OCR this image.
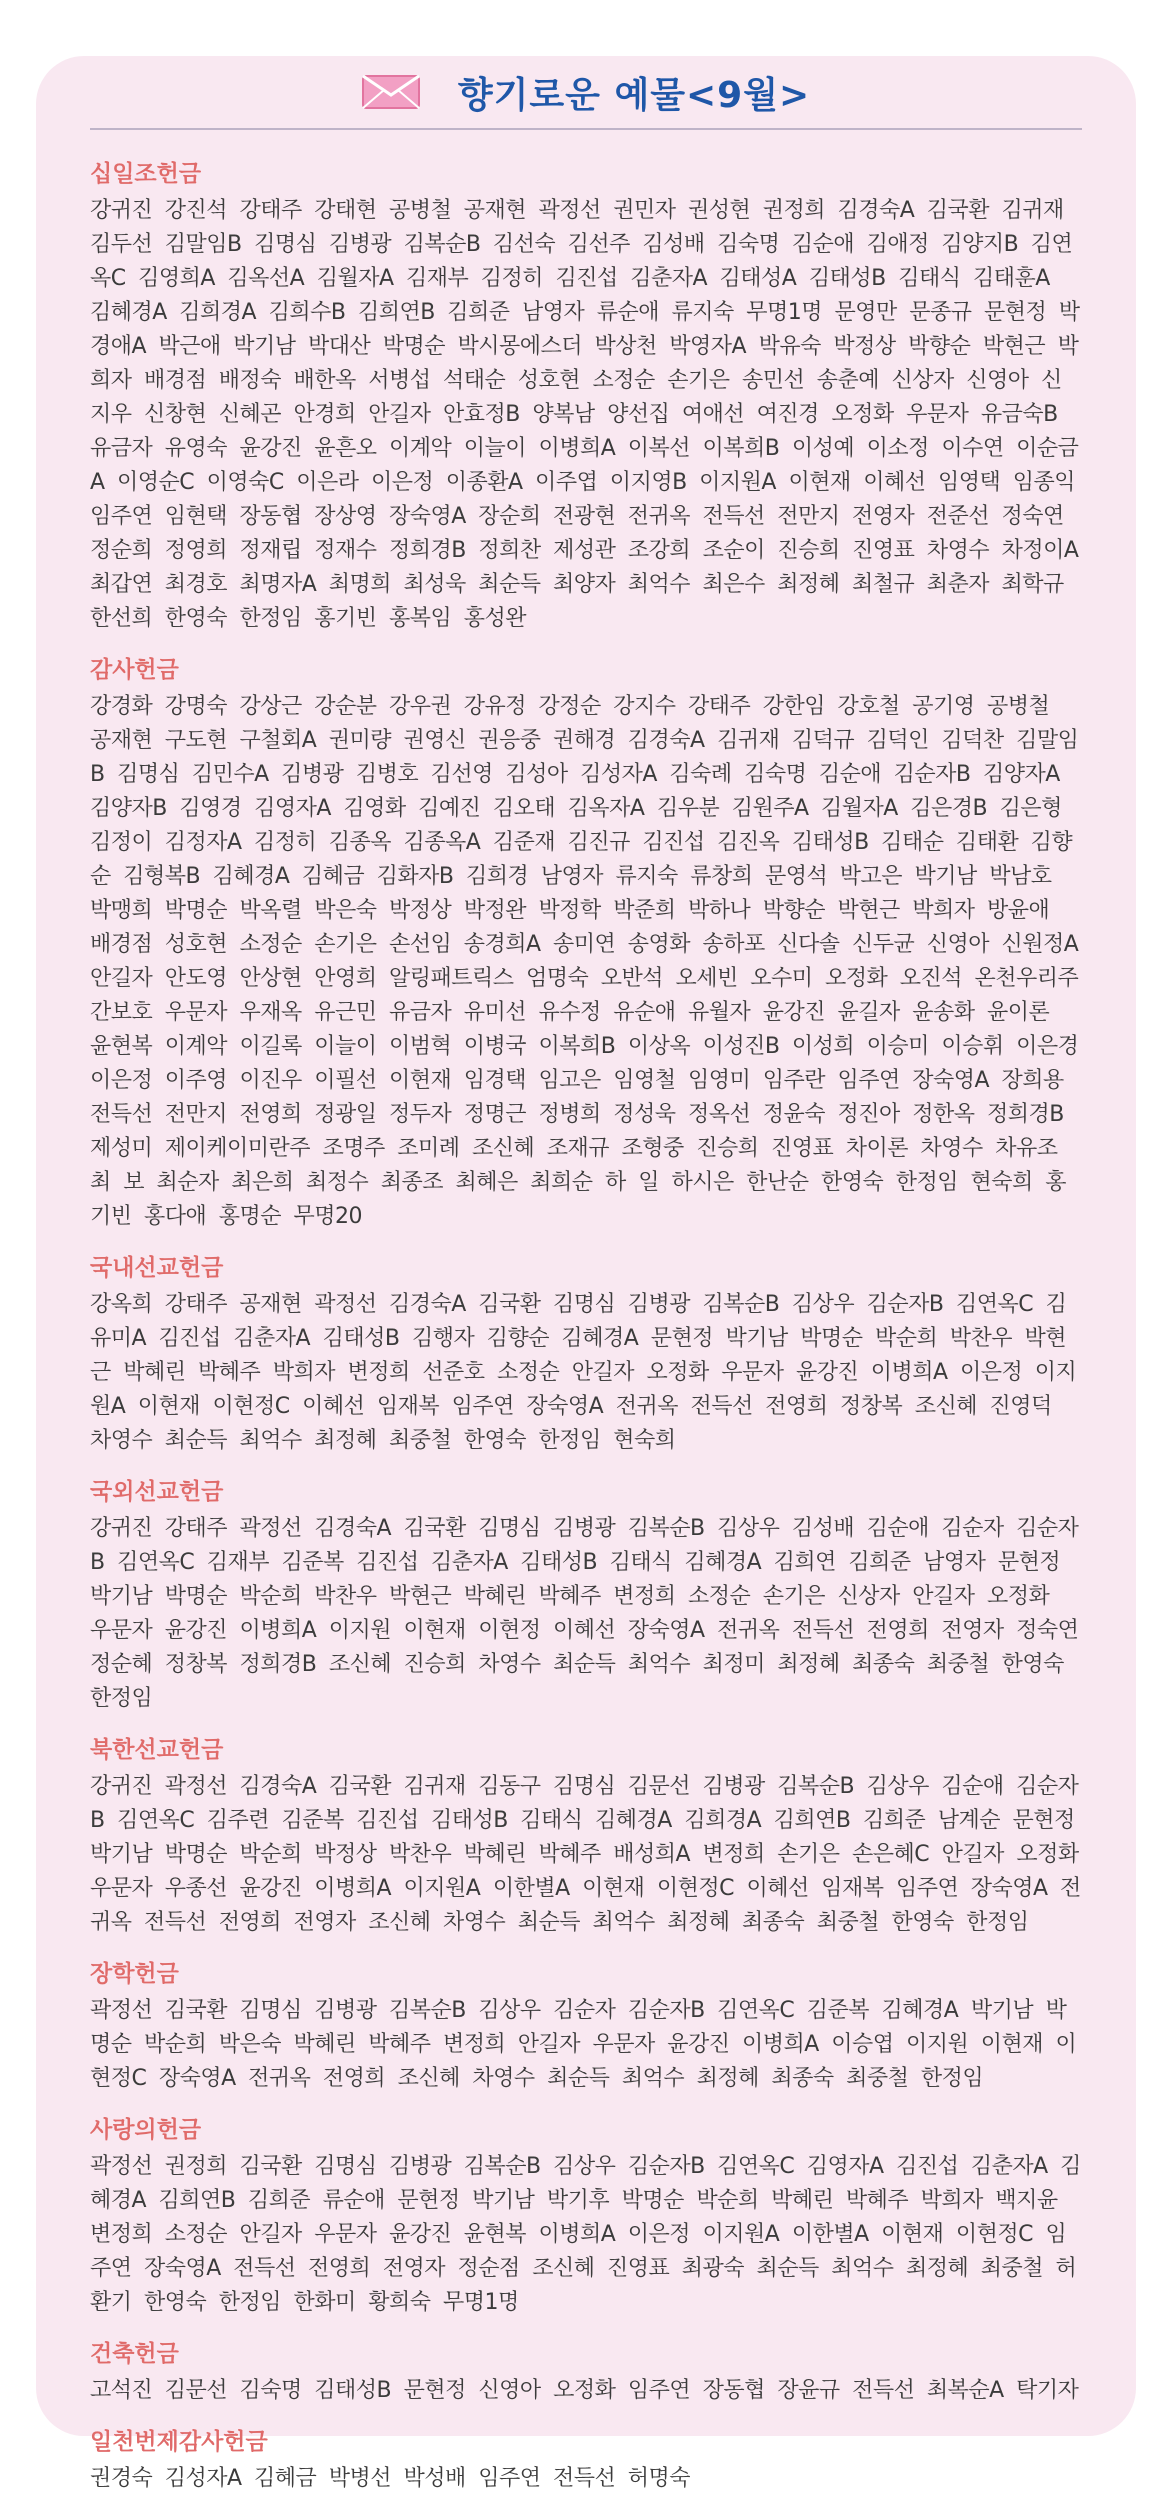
향기로운 예물<9월>
십일조헌금
강귀진 강진석 강태주 강태현 공병철 공재현 곽정선 권민자 권성현 권정희 김경숙A 김국환 김귀재 김두선 김말임B 김명심 김병광 김복순B 김선숙 김선주 김성배 김숙명 김순애 김애정 김양지B 김연옥C 김영희A 김옥선A 김월자A 김재부 김정히 김진섭 김춘자A 김태성A 김태성B 김태식 김태훈A 김혜경A 김희경A 김희수B 김희연B 김희준 남영자 류순애 류지숙 무명1명 문영만 문종규 문현정 박경애A 박근애 박기남 박대산 박명순 박시몽에스더 박상천 박영자A 박유숙 박정상 박향순 박현근 박희자 배경점 배정숙 배한옥 서병섭 석태순 성호현 소정순 손기은 송민선 송춘예 신상자 신영아 신지우 신창현 신혜곤 안경희 안길자 안효정B 양복남 양선집 여애선 여진경 오정화 우문자 유금숙B 유금자 유영숙 윤강진 윤흔오 이계악 이늘이 이병희A 이복선 이복희B 이성예 이소정 이수연 이순금A 이영순C 이영숙C 이은라 이은정 이종환A 이주엽 이지영B 이지원A 이현재 이혜선 임영택 임종익 임주연 임현택 장동협 장상영 장숙영A 장순희 전광현 전귀옥 전득선 전만지 전영자 전준선 정숙연 정순희 정영희 정재립 정재수 정희경B 정희찬 제성관 조강희 조순이 진승희 진영표 차영수 차정이A 최갑연 최경호 최명자A 최명희 최성욱 최순득 최양자 최억수 최은수 최정혜 최철규 최춘자 최학규 한선희 한영숙 한정임 홍기빈 홍복임 홍성완
감사헌금
강경화 강명숙 강상근 강순분 강우권 강유정 강정순 강지수 강태주 강한임 강호철 공기영 공병철 공재현 구도현 구철회A 권미량 권영신 권응중 권해경 김경숙A 김귀재 김덕규 김덕인 김덕찬 김말임B 김명심 김민수A 김병광 김병호 김선영 김성아 김성자A 김숙례 김숙명 김순애 김순자B 김양자A 김양자B 김영경 김영자A 김영화 김예진 김오태 김옥자A 김우분 김원주A 김월자A 김은경B 김은형 김정이 김정자A 김정히 김종옥 김종옥A 김준재 김진규 김진섭 김진옥 김태성B 김태순 김태환 김향순 김형복B 김혜경A 김혜금 김화자B 김희경 남영자 류지숙 류창희 문영석 박고은 박기남 박남호 박맹희 박명순 박옥렬 박은숙 박정상 박정완 박정학 박준희 박하나 박향순 박현근 박희자 방윤애 배경점 성호현 소정순 손기은 손선임 송경희A 송미연 송영화 송하포 신다솔 신두균 신영아 신원정A 안길자 안도영 안상현 안영희 알링패트릭스 엄명숙 오반석 오세빈 오수미 오정화 오진석 온천우리주간보호 우문자 우재옥 유근민 유금자 유미선 유수정 유순애 유월자 윤강진 윤길자 윤송화 윤이론 윤현복 이계악 이길록 이늘이 이범혁 이병국 이복희B 이상옥 이성진B 이성희 이승미 이승휘 이은경 이은정 이주영 이진우 이필선 이현재 임경택 임고은 임영철 임영미 임주란 임주연 장숙영A 장희용 전득선 전만지 전영희 정광일 정두자 정명근 정병희 정성욱 정옥선 정윤숙 정진아 정한옥 정희경B 제성미 제이케이미란주 조명주 조미례 조신혜 조재규 조형중 진승희 진영표 차이론 차영수 차유조 최 보 최순자 최은희 최정수 최종조 최혜은 최희순 하 일 하시은 한난순 한영숙 한정임 현숙희 홍기빈 홍다애 홍명순 무명20
국내선교헌금
강옥희 강태주 공재현 곽정선 김경숙A 김국환 김명심 김병광 김복순B 김상우 김순자B 김연옥C 김유미A 김진섭 김춘자A 김태성B 김행자 김향순 김혜경A 문현정 박기남 박명순 박순희 박찬우 박현근 박혜린 박혜주 박희자 변정희 선준호 소정순 안길자 오정화 우문자 윤강진 이병희A 이은정 이지원A 이현재 이현정C 이혜선 임재복 임주연 장숙영A 전귀옥 전득선 전영희 정창복 조신혜 진영덕 차영수 최순득 최억수 최정혜 최중철 한영숙 한정임 현숙희
국외선교헌금
강귀진 강태주 곽정선 김경숙A 김국환 김명심 김병광 김복순B 김상우 김성배 김순애 김순자 김순자B 김연옥C 김재부 김준복 김진섭 김춘자A 김태성B 김태식 김혜경A 김희연 김희준 남영자 문현정 박기남 박명순 박순희 박찬우 박현근 박혜린 박혜주 변정희 소정순 손기은 신상자 안길자 오정화 우문자 윤강진 이병희A 이지원 이현재 이현정 이혜선 장숙영A 전귀옥 전득선 전영희 전영자 정숙연 정순혜 정창복 정희경B 조신혜 진승희 차영수 최순득 최억수 최정미 최정혜 최종숙 최중철 한영숙 한정임
북한선교헌금
강귀진 곽정선 김경숙A 김국환 김귀재 김동구 김명심 김문선 김병광 김복순B 김상우 김순애 김순자B 김연옥C 김주련 김준복 김진섭 김태성B 김태식 김혜경A 김희경A 김희연B 김희준 남계순 문현정 박기남 박명순 박순희 박정상 박찬우 박혜린 박혜주 배성희A 변정희 손기은 손은혜C 안길자 오정화 우문자 우종선 윤강진 이병희A 이지원A 이한별A 이현재 이현정C 이혜선 임재복 임주연 장숙영A 전귀옥 전득선 전영희 전영자 조신혜 차영수 최순득 최억수 최정혜 최종숙 최중철 한영숙 한정임
장학헌금
곽정선 김국환 김명심 김병광 김복순B 김상우 김순자 김순자B 김연옥C 김준복 김혜경A 박기남 박명순 박순희 박은숙 박혜린 박혜주 변정희 안길자 우문자 윤강진 이병희A 이승엽 이지원 이현재 이현정C 장숙영A 전귀옥 전영희 조신혜 차영수 최순득 최억수 최정혜 최종숙 최중철 한정임
사랑의헌금
곽정선 권정희 김국환 김명심 김병광 김복순B 김상우 김순자B 김연옥C 김영자A 김진섭 김춘자A 김혜경A 김희연B 김희준 류순애 문현정 박기남 박기후 박명순 박순희 박혜린 박혜주 박희자 백지윤 변정희 소정순 안길자 우문자 윤강진 윤현복 이병희A 이은정 이지원A 이한별A 이현재 이현정C 임주연 장숙영A 전득선 전영희 전영자 정순점 조신혜 진영표 최광숙 최순득 최억수 최정혜 최중철 허환기 한영숙 한정임 한화미 황희숙 무명1명
건축헌금
고석진 김문선 김숙명 김태성B 문현정 신영아 오정화 임주연 장동협 장윤규 전득선 최복순A 탁기자
일천번제감사헌금
권경숙 김성자A 김혜금 박병선 박성배 임주연 전득선 허명숙
